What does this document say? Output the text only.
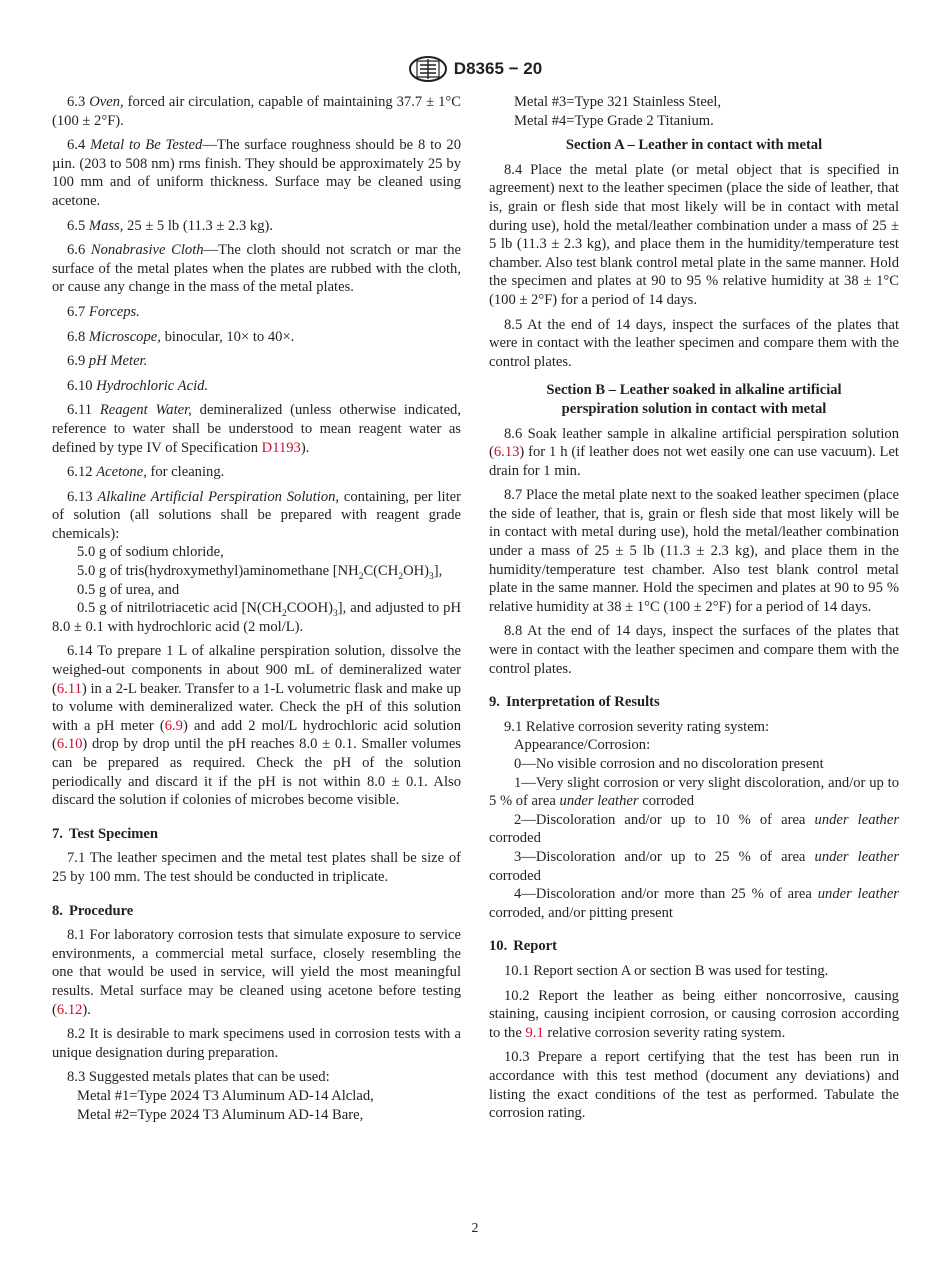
D8365 − 20

6.3 Oven, forced air circulation, capable of maintaining 37.7 ± 1°C (100 ± 2°F).

6.4 Metal to Be Tested—The surface roughness should be 8 to 20 µin. (203 to 508 nm) rms finish. They should be approximately 25 by 100 mm and of uniform thickness. Surface may be cleaned using acetone.

6.5 Mass, 25 ± 5 lb (11.3 ± 2.3 kg).

6.6 Nonabrasive Cloth—The cloth should not scratch or mar the surface of the metal plates when the plates are rubbed with the cloth, or cause any change in the mass of the metal plates.

6.7 Forceps.

6.8 Microscope, binocular, 10× to 40×.

6.9 pH Meter.

6.10 Hydrochloric Acid.

6.11 Reagent Water, demineralized (unless otherwise indicated, reference to water shall be understood to mean reagent water as defined by type IV of Specification D1193).

6.12 Acetone, for cleaning.

6.13 Alkaline Artificial Perspiration Solution, containing, per liter of solution (all solutions shall be prepared with reagent grade chemicals):

5.0 g of sodium chloride,

5.0 g of tris(hydroxymethyl)aminomethane $[NH_2C(CH_2OH)_3]$,

0.5 g of urea, and

0.5 g of nitrilotriacetic acid $[N(CH_2COOH)_3]$, and adjusted to pH 8.0 ± 0.1 with hydrochloric acid (2 mol/L).

6.14 To prepare 1 L of alkaline perspiration solution, dissolve the weighed-out components in about 900 mL of demineralized water (6.11) in a 2-L beaker. Transfer to a 1-L volumetric flask and make up to volume with demineralized water. Check the pH of this solution with a pH meter (6.9) and add 2 mol/L hydrochloric acid solution (6.10) drop by drop until the pH reaches 8.0 ± 0.1. Smaller volumes can be prepared as required. Check the pH of the solution periodically and discard it if the pH is not within 8.0 ± 0.1. Also discard the solution if colonies of microbes become visible.

7. Test Specimen

7.1 The leather specimen and the metal test plates shall be size of 25 by 100 mm. The test should be conducted in triplicate.

8. Procedure

8.1 For laboratory corrosion tests that simulate exposure to service environments, a commercial metal surface, closely resembling the one that would be used in service, will yield the most meaningful results. Metal surface may be cleaned using acetone before testing (6.12).

8.2 It is desirable to mark specimens used in corrosion tests with a unique designation during preparation.

8.3 Suggested metals plates that can be used:

Metal #1=Type 2024 T3 Aluminum AD-14 Alclad,

Metal #2=Type 2024 T3 Aluminum AD-14 Bare,

Metal #3=Type 321 Stainless Steel,

Metal #4=Type Grade 2 Titanium.

Section A – Leather in contact with metal

8.4 Place the metal plate (or metal object that is specified in agreement) next to the leather specimen (place the side of leather, that is, grain or flesh side that most likely will be in contact with metal during use), hold the metal/leather combination under a mass of 25 ± 5 lb (11.3 ± 2.3 kg), and place them in the humidity/temperature test chamber. Also test blank control metal plate in the same manner. Hold the specimen and plates at 90 to 95 % relative humidity at 38 ± 1°C (100 ± 2°F) for a period of 14 days.

8.5 At the end of 14 days, inspect the surfaces of the plates that were in contact with the leather specimen and compare them with the control plates.

Section B – Leather soaked in alkaline artificial
perspiration solution in contact with metal

8.6 Soak leather sample in alkaline artificial perspiration solution (6.13) for 1 h (if leather does not wet easily one can use vacuum). Let drain for 1 min.

8.7 Place the metal plate next to the soaked leather specimen (place the side of leather, that is, grain or flesh side that most likely will be in contact with metal during use), hold the metal/leather combination under a mass of 25 ± 5 lb (11.3 ± 2.3 kg), and place them in the humidity/temperature test chamber. Also test blank control metal plate in the same manner. Hold the specimen and plates at 90 to 95 % relative humidity at 38 ± 1°C (100 ± 2°F) for a period of 14 days.

8.8 At the end of 14 days, inspect the surfaces of the plates that were in contact with the leather specimen and compare them with the control plates.

9. Interpretation of Results

9.1 Relative corrosion severity rating system:

Appearance/Corrosion:

0—No visible corrosion and no discoloration present

1—Very slight corrosion or very slight discoloration, and/or up to 5 % of area under leather corroded

2—Discoloration and/or up to 10 % of area under leather corroded

3—Discoloration and/or up to 25 % of area under leather corroded

4—Discoloration and/or more than 25 % of area under leather corroded, and/or pitting present

10. Report

10.1 Report section A or section B was used for testing.

10.2 Report the leather as being either noncorrosive, causing staining, causing incipient corrosion, or causing corrosion according to the 9.1 relative corrosion severity rating system.

10.3 Prepare a report certifying that the test has been run in accordance with this test method (document any deviations) and listing the exact conditions of the test as performed. Tabulate the corrosion rating.

2
